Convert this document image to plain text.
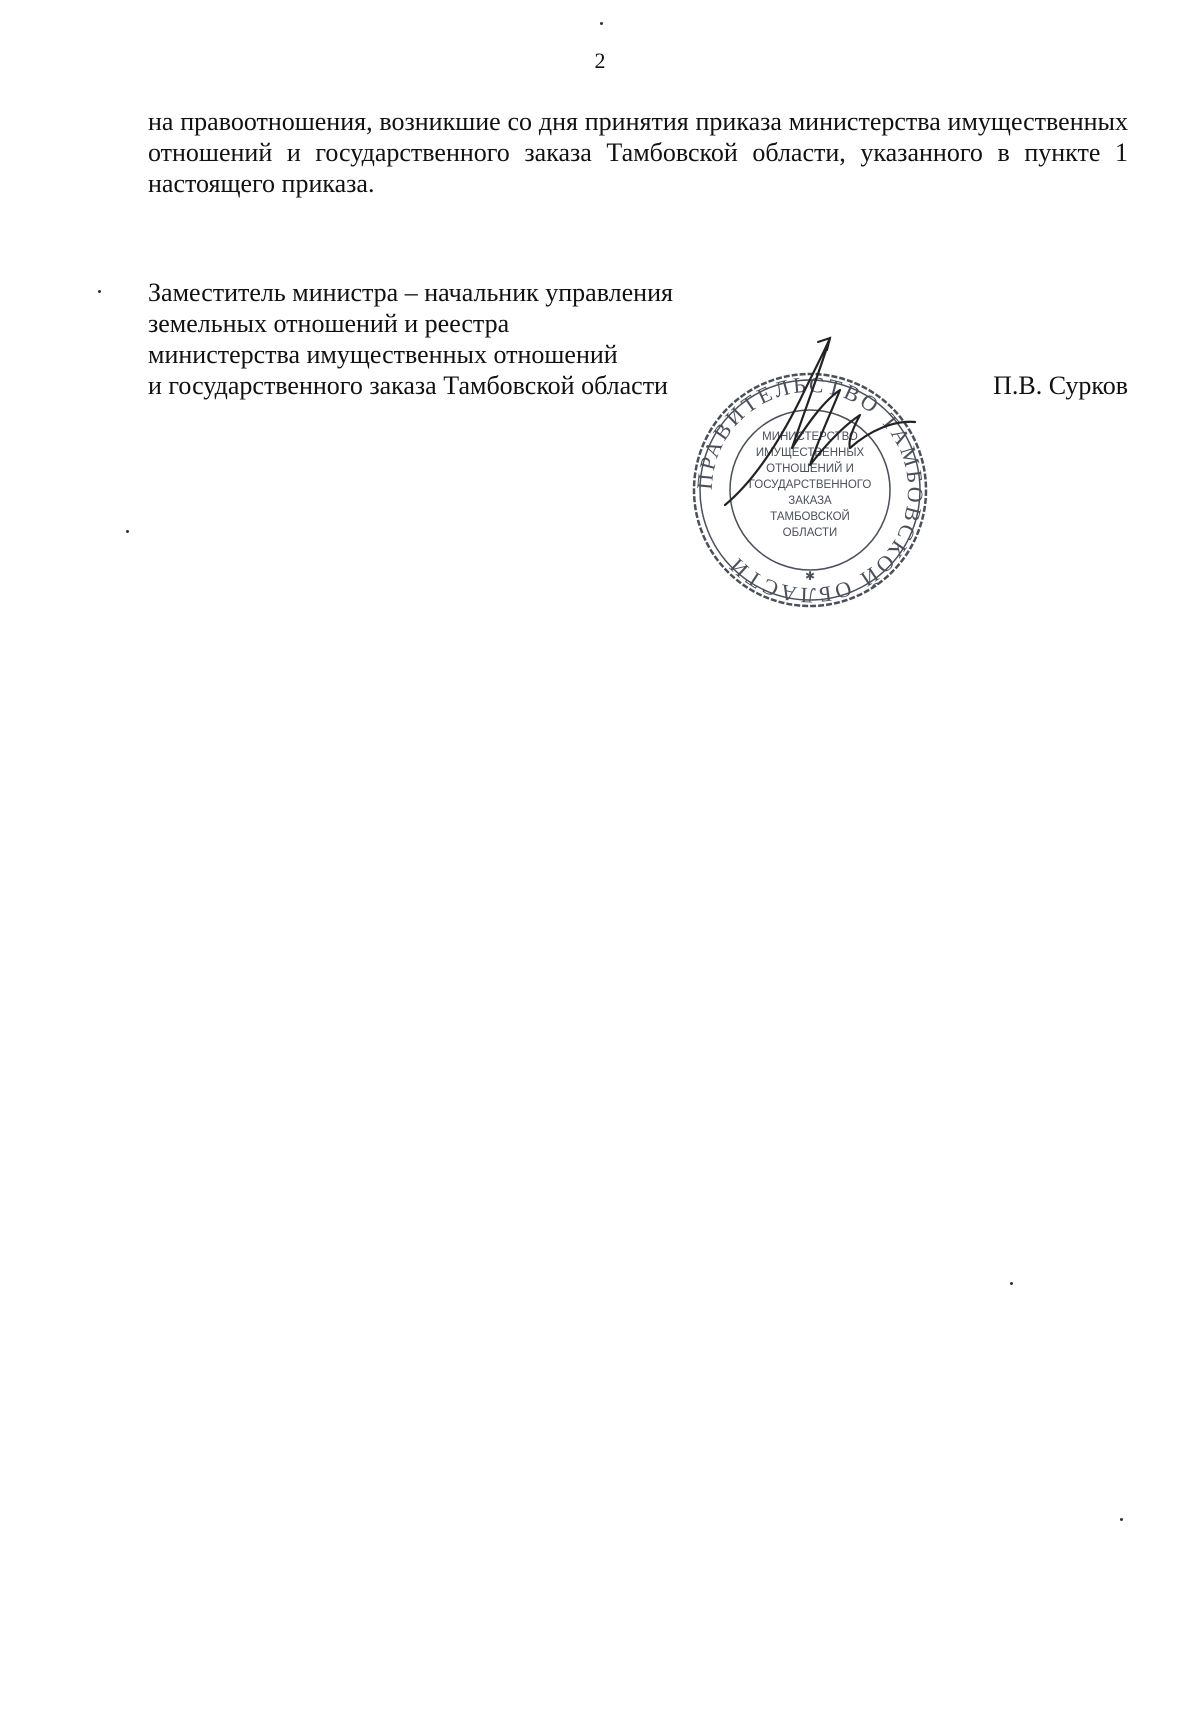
2
на правоотношения, возникшие со дня принятия приказа министерства имущественных отношений и государственного заказа Тамбовской области, указанного в пункте 1 настоящего приказа.
Заместитель министра – начальник управления
земельных отношений и реестра
министерства имущественных отношений
и государственного заказа Тамбовской области	П.В. Сурков
ПРАВИТЕЛЬСТВО ТАМБОВСКОЙ ОБЛАСТИ
МИНИСТЕРСТВО
ИМУЩЕСТВЕННЫХ
ОТНОШЕНИЙ И
ГОСУДАРСТВЕННОГО
ЗАКАЗА
ТАМБОВСКОЙ
ОБЛАСТИ
✱
